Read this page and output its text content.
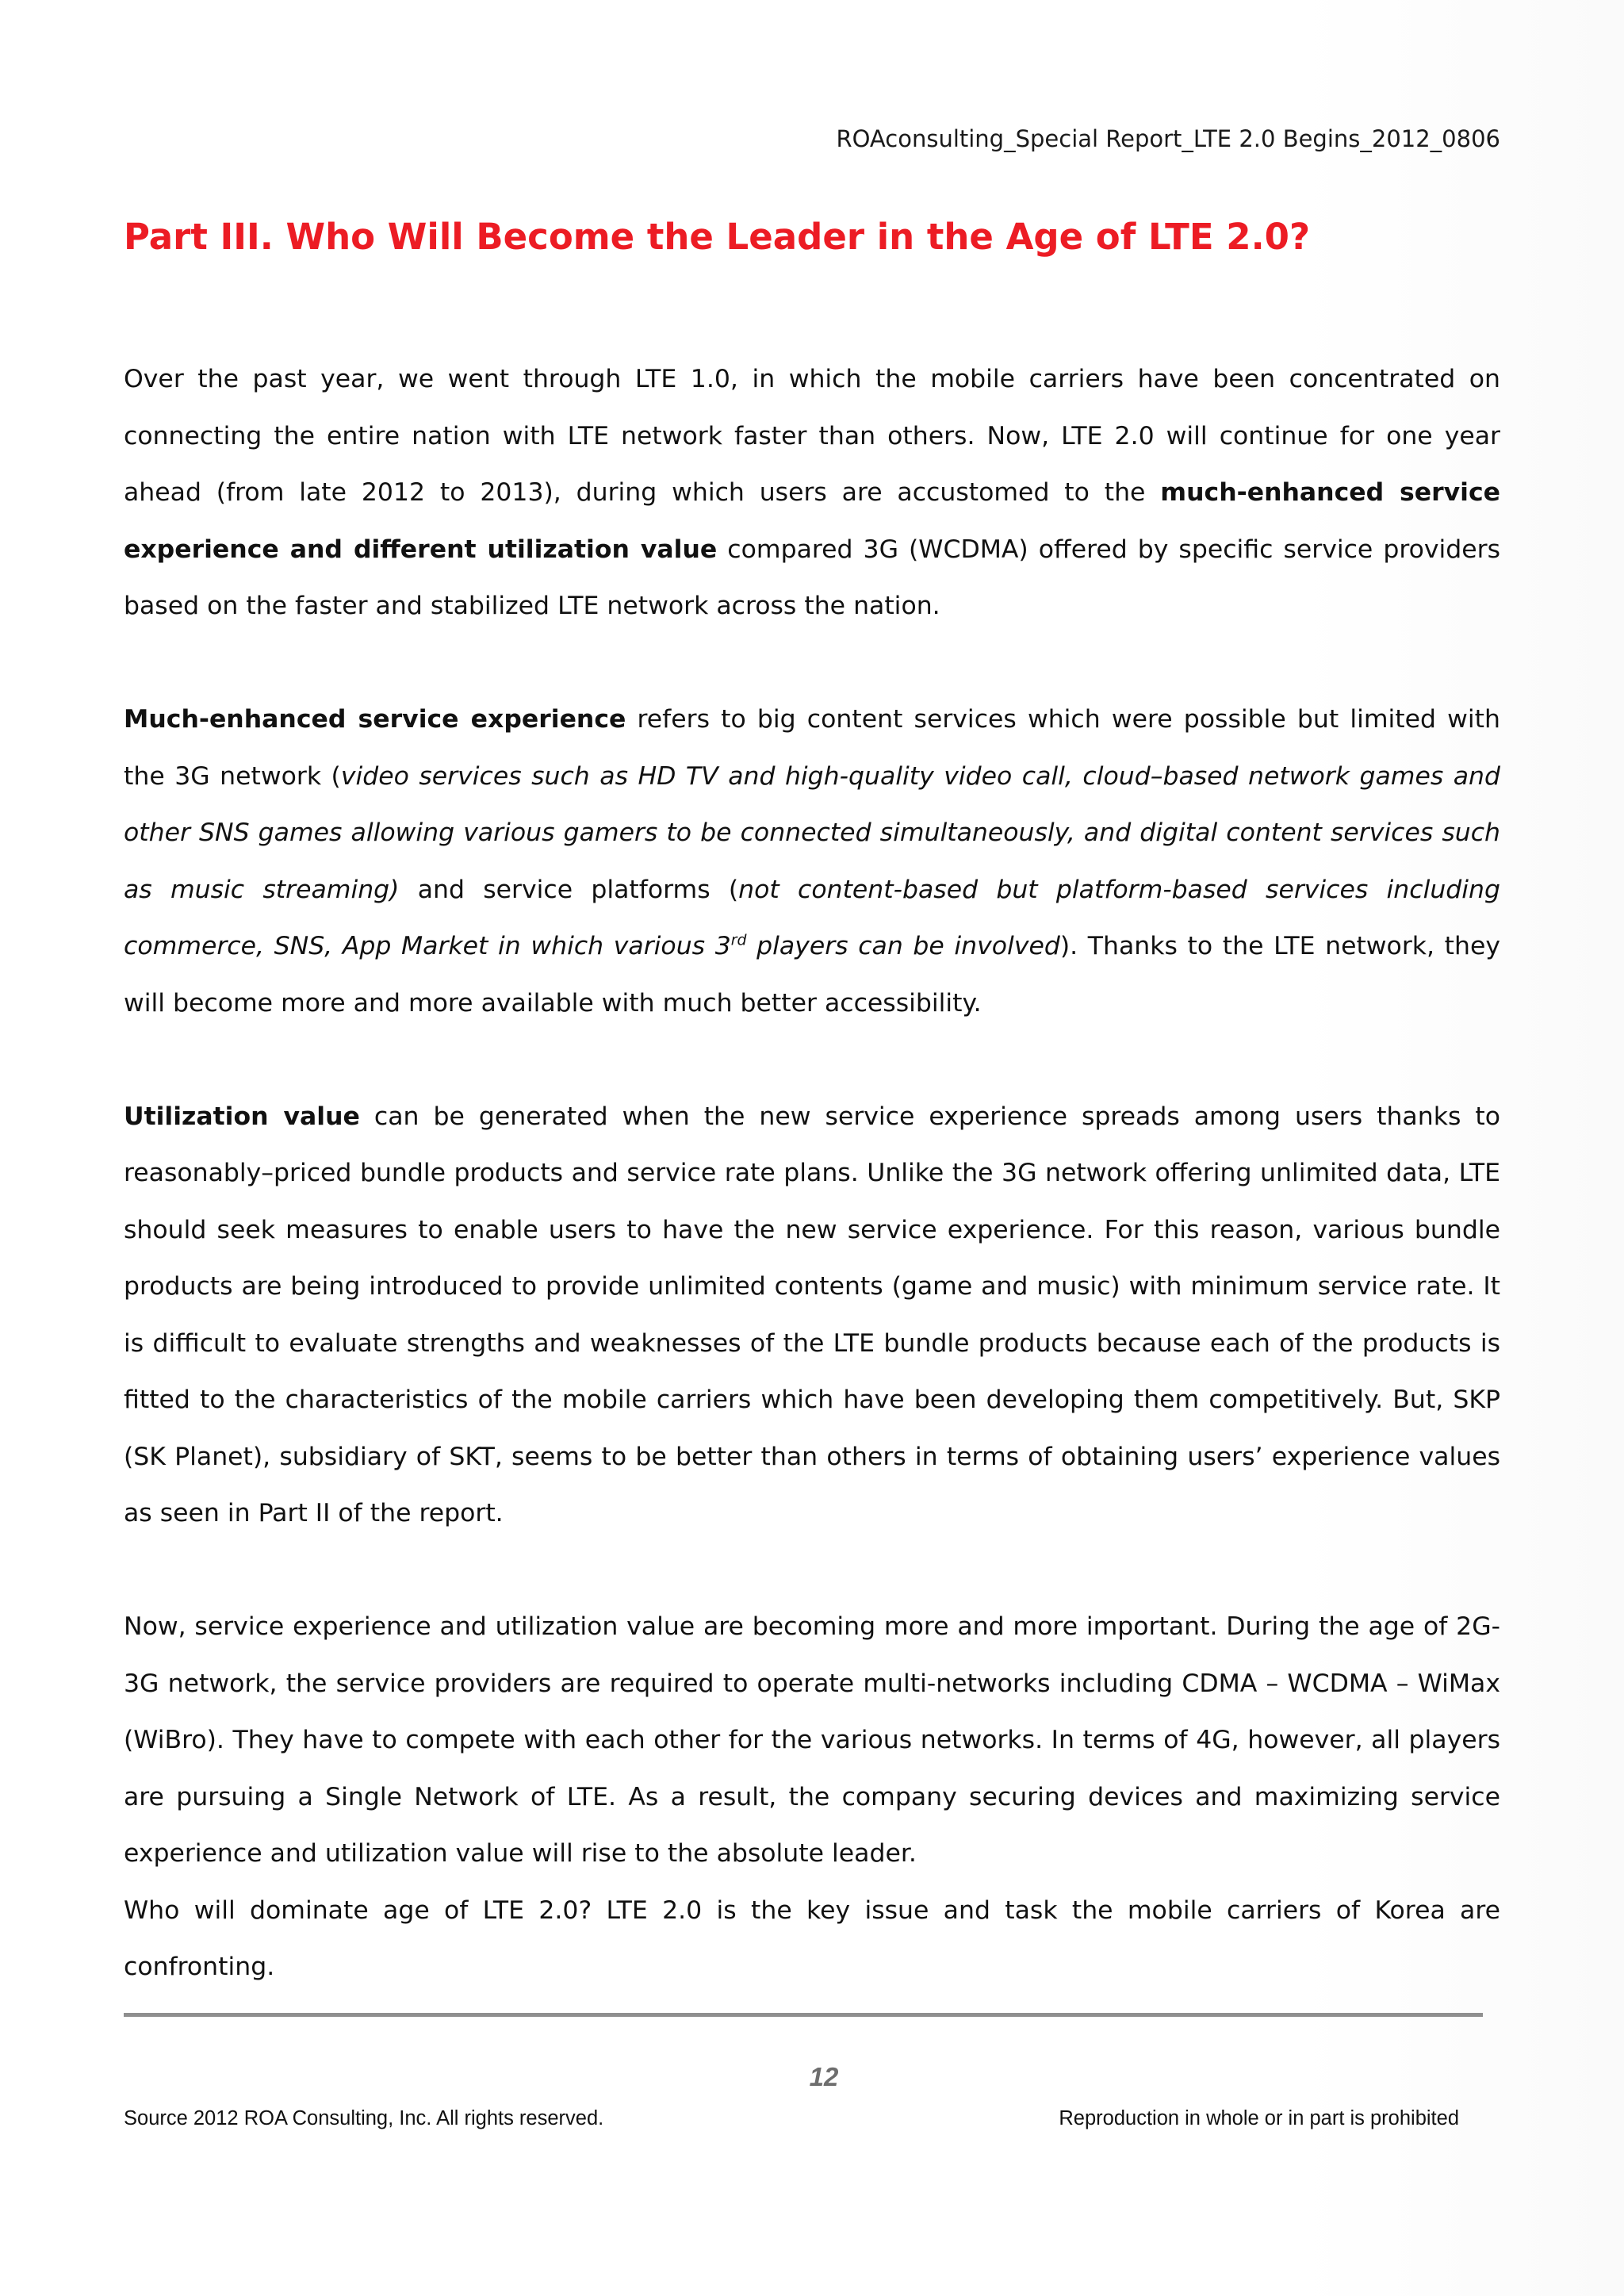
ROAconsulting_Special Report_LTE 2.0 Begins_2012_0806
Part III. Who Will Become the Leader in the Age of LTE 2.0?

Over the past year, we went through LTE 1.0, in which the mobile carriers have been concentrated on connecting the entire nation with LTE network faster than others. Now, LTE 2.0 will continue for one year ahead (from late 2012 to 2013), during which users are accustomed to the much-enhanced service experience and different utilization value compared 3G (WCDMA) offered by specific service providers based on the faster and stabilized LTE network across the nation.

Much-enhanced service experience refers to big content services which were possible but limited with the 3G network (video services such as HD TV and high-quality video call, cloud–based network games and other SNS games allowing various gamers to be connected simultaneously, and digital content services such as music streaming) and service platforms (not content-based but platform-based services including commerce, SNS, App Market in which various 3rd players can be involved). Thanks to the LTE network, they will become more and more available with much better accessibility.

Utilization value can be generated when the new service experience spreads among users thanks to reasonably–priced bundle products and service rate plans. Unlike the 3G network offering unlimited data, LTE should seek measures to enable users to have the new service experience. For this reason, various bundle products are being introduced to provide unlimited contents (game and music) with minimum service rate. It is difficult to evaluate strengths and weaknesses of the LTE bundle products because each of the products is fitted to the characteristics of the mobile carriers which have been developing them competitively. But, SKP (SK Planet), subsidiary of SKT, seems to be better than others in terms of obtaining users’ experience values as seen in Part II of the report.

Now, service experience and utilization value are becoming more and more important. During the age of 2G-3G network, the service providers are required to operate multi-networks including CDMA – WCDMA – WiMax (WiBro). They have to compete with each other for the various networks. In terms of 4G, however, all players are pursuing a Single Network of LTE. As a result, the company securing devices and maximizing service experience and utilization value will rise to the absolute leader.

Who will dominate age of LTE 2.0? LTE 2.0 is the key issue and task the mobile carriers of Korea are confronting.

12
Source 2012 ROA Consulting, Inc. All rights reserved.	Reproduction in whole or in part is prohibited
